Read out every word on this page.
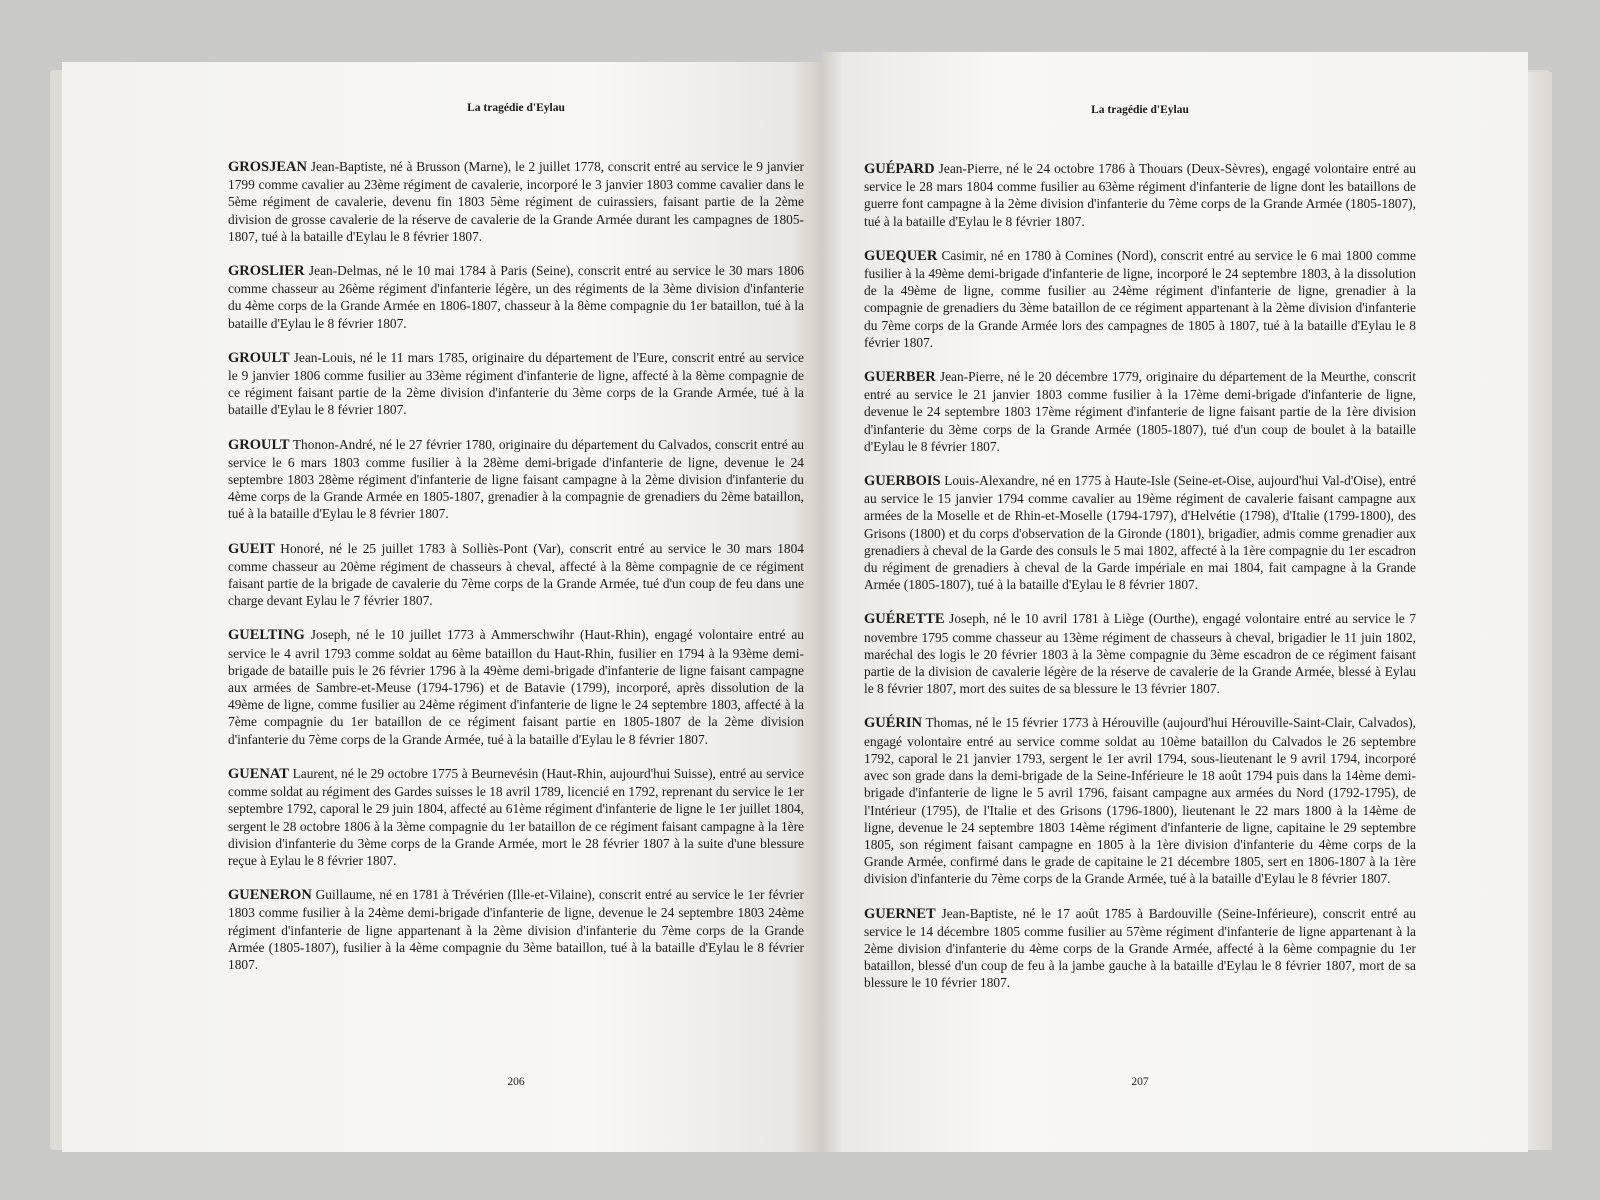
La tragédie d'Eylau

GROSJEAN Jean-Baptiste, né à Brusson (Marne), le 2 juillet 1778, conscrit entré au service le 9 janvier 1799 comme cavalier au 23ème régiment de cavalerie, incorporé le 3 janvier 1803 comme cavalier dans le 5ème régiment de cavalerie, devenu fin 1803 5ème régiment de cuirassiers, faisant partie de la 2ème division de grosse cavalerie de la réserve de cavalerie de la Grande Armée durant les campagnes de 1805-1807, tué à la bataille d'Eylau le 8 février 1807.

GROSLIER Jean-Delmas, né le 10 mai 1784 à Paris (Seine), conscrit entré au service le 30 mars 1806 comme chasseur au 26ème régiment d'infanterie légère, un des régiments de la 3ème division d'infanterie du 4ème corps de la Grande Armée en 1806-1807, chasseur à la 8ème compagnie du 1er bataillon, tué à la bataille d'Eylau le 8 février 1807.

GROULT Jean-Louis, né le 11 mars 1785, originaire du département de l'Eure, conscrit entré au service le 9 janvier 1806 comme fusilier au 33ème régiment d'infanterie de ligne, affecté à la 8ème compagnie de ce régiment faisant partie de la 2ème division d'infanterie du 3ème corps de la Grande Armée, tué à la bataille d'Eylau le 8 février 1807.

GROULT Thonon-André, né le 27 février 1780, originaire du département du Calvados, conscrit entré au service le 6 mars 1803 comme fusilier à la 28ème demi-brigade d'infanterie de ligne, devenue le 24 septembre 1803 28ème régiment d'infanterie de ligne faisant campagne à la 2ème division d'infanterie du 4ème corps de la Grande Armée en 1805-1807, grenadier à la compagnie de grenadiers du 2ème bataillon, tué à la bataille d'Eylau le 8 février 1807.

GUEIT Honoré, né le 25 juillet 1783 à Solliès-Pont (Var), conscrit entré au service le 30 mars 1804 comme chasseur au 20ème régiment de chasseurs à cheval, affecté à la 8ème compagnie de ce régiment faisant partie de la brigade de cavalerie du 7ème corps de la Grande Armée, tué d'un coup de feu dans une charge devant Eylau le 7 février 1807.

GUELTING Joseph, né le 10 juillet 1773 à Ammerschwihr (Haut-Rhin), engagé volontaire entré au service le 4 avril 1793 comme soldat au 6ème bataillon du Haut-Rhin, fusilier en 1794 à la 93ème demi-brigade de bataille puis le 26 février 1796 à la 49ème demi-brigade d'infanterie de ligne faisant campagne aux armées de Sambre-et-Meuse (1794-1796) et de Batavie (1799), incorporé, après dissolution de la 49ème de ligne, comme fusilier au 24ème régiment d'infanterie de ligne le 24 septembre 1803, affecté à la 7ème compagnie du 1er bataillon de ce régiment faisant partie en 1805-1807 de la 2ème division d'infanterie du 7ème corps de la Grande Armée, tué à la bataille d'Eylau le 8 février 1807.

GUENAT Laurent, né le 29 octobre 1775 à Beurnevésin (Haut-Rhin, aujourd'hui Suisse), entré au service comme soldat au régiment des Gardes suisses le 18 avril 1789, licencié en 1792, reprenant du service le 1er septembre 1792, caporal le 29 juin 1804, affecté au 61ème régiment d'infanterie de ligne le 1er juillet 1804, sergent le 28 octobre 1806 à la 3ème compagnie du 1er bataillon de ce régiment faisant campagne à la 1ère division d'infanterie du 3ème corps de la Grande Armée, mort le 28 février 1807 à la suite d'une blessure reçue à Eylau le 8 février 1807.

GUENERON Guillaume, né en 1781 à Trévérien (Ille-et-Vilaine), conscrit entré au service le 1er février 1803 comme fusilier à la 24ème demi-brigade d'infanterie de ligne, devenue le 24 septembre 1803 24ème régiment d'infanterie de ligne appartenant à la 2ème division d'infanterie du 7ème corps de la Grande Armée (1805-1807), fusilier à la 4ème compagnie du 3ème bataillon, tué à la bataille d'Eylau le 8 février 1807.

206
La tragédie d'Eylau

GUÉPARD Jean-Pierre, né le 24 octobre 1786 à Thouars (Deux-Sèvres), engagé volontaire entré au service le 28 mars 1804 comme fusilier au 63ème régiment d'infanterie de ligne dont les bataillons de guerre font campagne à la 2ème division d'infanterie du 7ème corps de la Grande Armée (1805-1807), tué à la bataille d'Eylau le 8 février 1807.

GUEQUER Casimir, né en 1780 à Comines (Nord), conscrit entré au service le 6 mai 1800 comme fusilier à la 49ème demi-brigade d'infanterie de ligne, incorporé le 24 septembre 1803, à la dissolution de la 49ème de ligne, comme fusilier au 24ème régiment d'infanterie de ligne, grenadier à la compagnie de grenadiers du 3ème bataillon de ce régiment appartenant à la 2ème division d'infanterie du 7ème corps de la Grande Armée lors des campagnes de 1805 à 1807, tué à la bataille d'Eylau le 8 février 1807.

GUERBER Jean-Pierre, né le 20 décembre 1779, originaire du département de la Meurthe, conscrit entré au service le 21 janvier 1803 comme fusilier à la 17ème demi-brigade d'infanterie de ligne, devenue le 24 septembre 1803 17ème régiment d'infanterie de ligne faisant partie de la 1ère division d'infanterie du 3ème corps de la Grande Armée (1805-1807), tué d'un coup de boulet à la bataille d'Eylau le 8 février 1807.

GUERBOIS Louis-Alexandre, né en 1775 à Haute-Isle (Seine-et-Oise, aujourd'hui Val-d'Oise), entré au service le 15 janvier 1794 comme cavalier au 19ème régiment de cavalerie faisant campagne aux armées de la Moselle et de Rhin-et-Moselle (1794-1797), d'Helvétie (1798), d'Italie (1799-1800), des Grisons (1800) et du corps d'observation de la Gironde (1801), brigadier, admis comme grenadier aux grenadiers à cheval de la Garde des consuls le 5 mai 1802, affecté à la 1ère compagnie du 1er escadron du régiment de grenadiers à cheval de la Garde impériale en mai 1804, fait campagne à la Grande Armée (1805-1807), tué à la bataille d'Eylau le 8 février 1807.

GUÉRETTE Joseph, né le 10 avril 1781 à Liège (Ourthe), engagé volontaire entré au service le 7 novembre 1795 comme chasseur au 13ème régiment de chasseurs à cheval, brigadier le 11 juin 1802, maréchal des logis le 20 février 1803 à la 3ème compagnie du 3ème escadron de ce régiment faisant partie de la division de cavalerie légère de la réserve de cavalerie de la Grande Armée, blessé à Eylau le 8 février 1807, mort des suites de sa blessure le 13 février 1807.

GUÉRIN Thomas, né le 15 février 1773 à Hérouville (aujourd'hui Hérouville-Saint-Clair, Calvados), engagé volontaire entré au service comme soldat au 10ème bataillon du Calvados le 26 septembre 1792, caporal le 21 janvier 1793, sergent le 1er avril 1794, sous-lieutenant le 9 avril 1794, incorporé avec son grade dans la demi-brigade de la Seine-Inférieure le 18 août 1794 puis dans la 14ème demi-brigade d'infanterie de ligne le 5 avril 1796, faisant campagne aux armées du Nord (1792-1795), de l'Intérieur (1795), de l'Italie et des Grisons (1796-1800), lieutenant le 22 mars 1800 à la 14ème de ligne, devenue le 24 septembre 1803 14ème régiment d'infanterie de ligne, capitaine le 29 septembre 1805, son régiment faisant campagne en 1805 à la 1ère division d'infanterie du 4ème corps de la Grande Armée, confirmé dans le grade de capitaine le 21 décembre 1805, sert en 1806-1807 à la 1ère division d'infanterie du 7ème corps de la Grande Armée, tué à la bataille d'Eylau le 8 février 1807.

GUERNET Jean-Baptiste, né le 17 août 1785 à Bardouville (Seine-Inférieure), conscrit entré au service le 14 décembre 1805 comme fusilier au 57ème régiment d'infanterie de ligne appartenant à la 2ème division d'infanterie du 4ème corps de la Grande Armée, affecté à la 6ème compagnie du 1er bataillon, blessé d'un coup de feu à la jambe gauche à la bataille d'Eylau le 8 février 1807, mort de sa blessure le 10 février 1807.

207
